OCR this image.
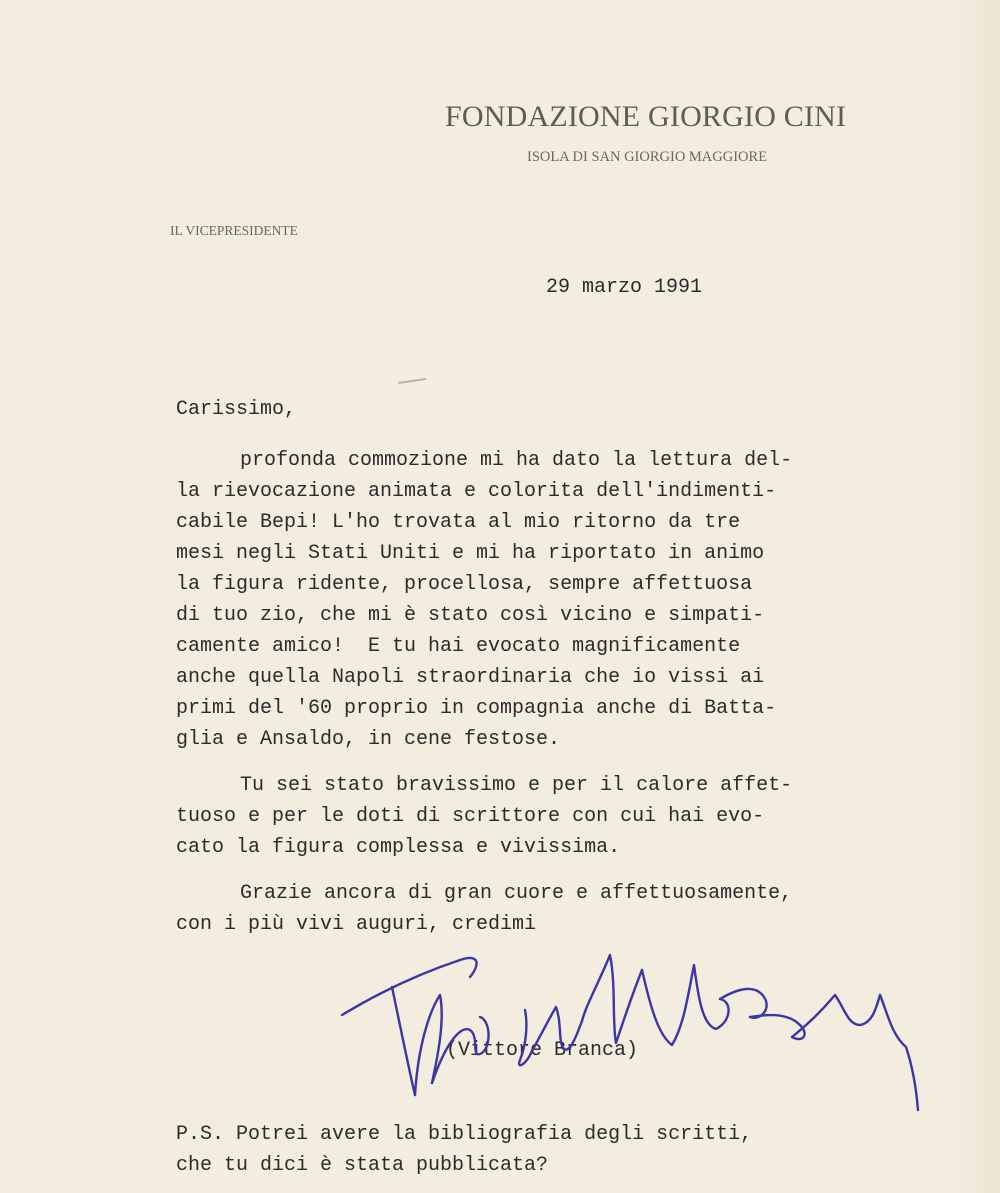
FONDAZIONE GIORGIO CINI
ISOLA DI SAN GIORGIO MAGGIORE
IL VICEPRESIDENTE
29 marzo 1991
Carissimo,
profonda commozione mi ha dato la lettura del-
la rievocazione animata e colorita dell'indimenti-
cabile Bepi! L'ho trovata al mio ritorno da tre
mesi negli Stati Uniti e mi ha riportato in animo
la figura ridente, procellosa, sempre affettuosa
di tuo zio, che mi è stato così vicino e simpati-
camente amico!  E tu hai evocato magnificamente
anche quella Napoli straordinaria che io vissi ai
primi del '60 proprio in compagnia anche di Batta-
glia e Ansaldo, in cene festose.
Tu sei stato bravissimo e per il calore affet-
tuoso e per le doti di scrittore con cui hai evo-
cato la figura complessa e vivissima.
Grazie ancora di gran cuore e affettuosamente,
con i più vivi auguri, credimi
(Vittore Branca)
P.S. Potrei avere la bibliografia degli scritti,
che tu dici è stata pubblicata?
